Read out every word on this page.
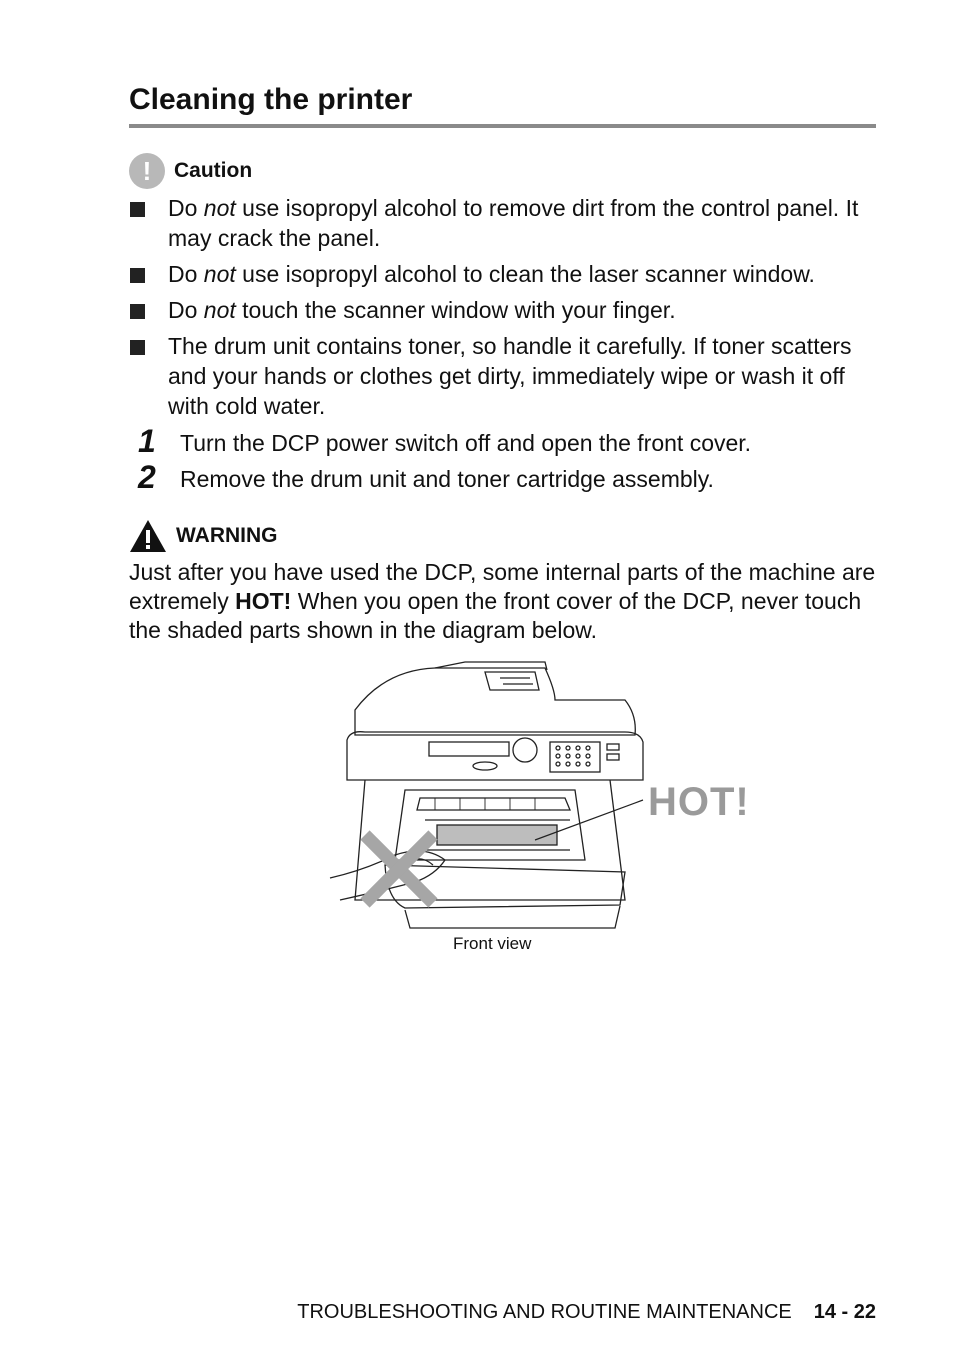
Cleaning the printer
!	Caution
Do not use isopropyl alcohol to remove dirt from the control panel. It may crack the panel.
Do not use isopropyl alcohol to clean the laser scanner window.
Do not touch the scanner window with your finger.
The drum unit contains toner, so handle it carefully. If toner scatters and your hands or clothes get dirty, immediately wipe or wash it off with cold water.
1	Turn the DCP power switch off and open the front cover.
2	Remove the drum unit and toner cartridge assembly.
WARNING

Just after you have used the DCP, some internal parts of the machine are extremely HOT! When you open the front cover of the DCP, never touch the shaded parts shown in the diagram below.

HOT!
Front view
TROUBLESHOOTING AND ROUTINE MAINTENANCE 14 - 22
